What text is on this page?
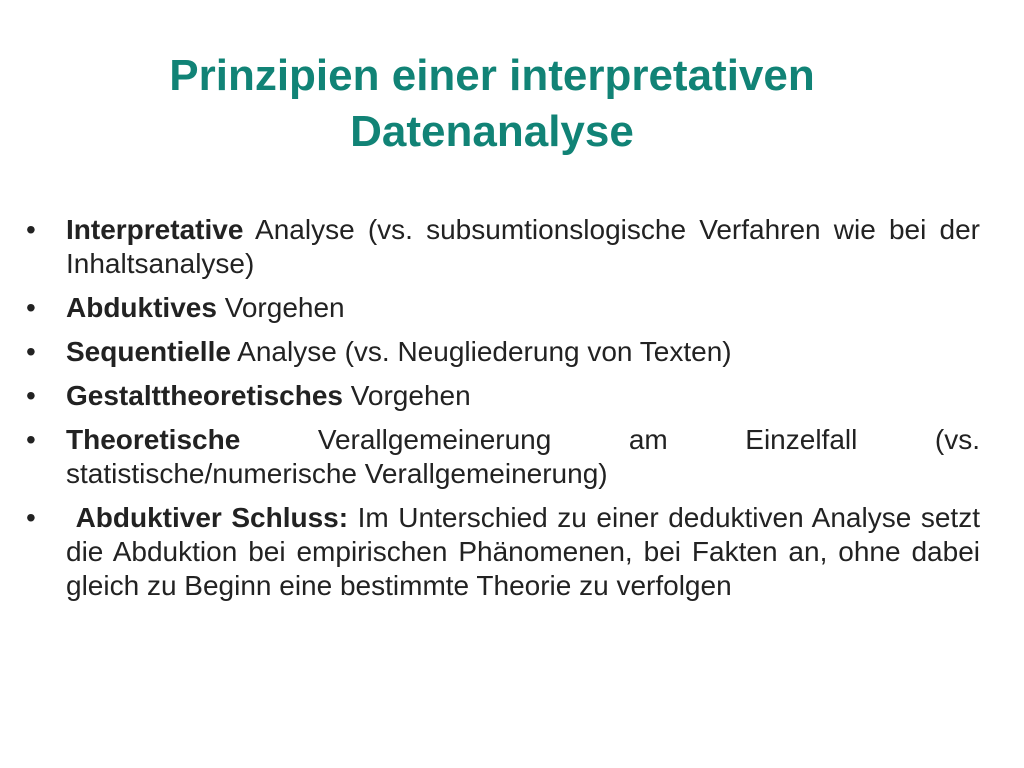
Prinzipien einer interpretativen
Datenanalyse
•	Interpretative Analyse (vs. subsumtionslogische Verfahren wie bei der Inhaltsanalyse)
•	Abduktives Vorgehen
•	Sequentielle Analyse (vs. Neugliederung von Texten)
•	Gestalttheoretisches Vorgehen
•	Theoretische Verallgemeinerung am Einzelfall (vs. statistische/numerische Verallgemeinerung)
•	Abduktiver Schluss: Im Unterschied zu einer deduktiven Analyse setzt die Abduktion bei empirischen Phänomenen, bei Fakten an, ohne dabei gleich zu Beginn eine bestimmte Theorie zu verfolgen
